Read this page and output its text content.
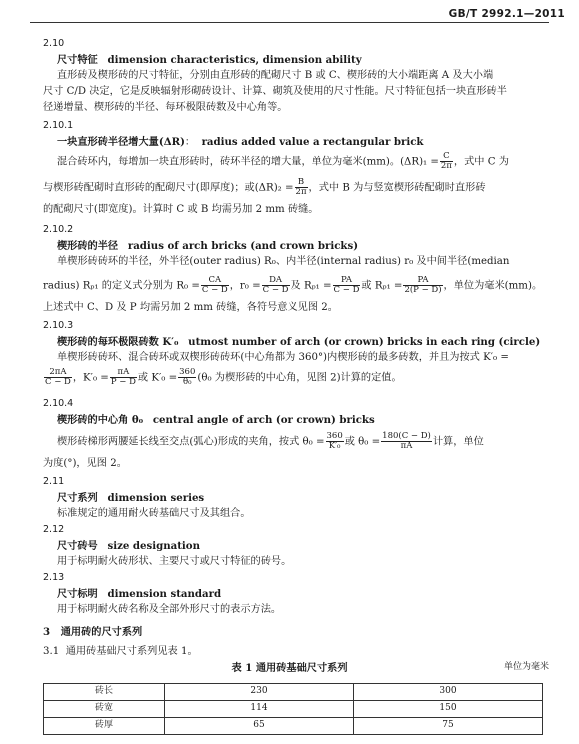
GB/T 2992.1—2011
2.10
尺寸特征 dimension characteristics, dimension ability
直形砖及楔形砖的尺寸特征，分别由直形砖的配砌尺寸 B 或 C、楔形砖的大小端距离 A 及大小端
尺寸 C/D 决定，它是反映辐射形砌砖设计、计算、砌筑及使用的尺寸性能。尺寸特征包括一块直形砖半
径递增量、楔形砖的半径、每环极限砖数及中心角等。
2.10.1
一块直形砖半径增大量(ΔR)：  radius added value a rectangular brick
混合砖环内，每增加一块直形砖时，砖环半径的增大量，单位为毫米(mm)。$(\Delta R)_1 = \frac{C}{2\pi}$ ，式中 C 为
与楔形砖配砌时直形砖的配砌尺寸(即厚度)；或$(\Delta R)_2 = \frac{B}{2\pi}$ ，式中 B 为与竖宽楔形砖配砌时直形砖
的配砌尺寸(即宽度)。计算时 C 或 B 均需另加 2 mm 砖缝。
2.10.2
楔形砖的半径 radius of arch bricks (and crown bricks)
单楔形砖砖环的半径，外半径(outer radius) R₀、内半径(internal radius) r₀ 及中间半径(median
radius) Rₚ₁ 的定义式分别为 $R_0 = \frac{CA}{C - D}$ ，$r_0 = \frac{DA}{C - D}$ 及 $R_{p1} = \frac{PA}{C - D}$ 或 $R_{p1} = \frac{PA}{2(P - D)}$ ，单位为毫米(mm)。
上述式中 C、D 及 P 均需另加 2 mm 砖缝，各符号意义见图 2。
2.10.3
楔形砖的每环极限砖数 K′₀ utmost number of arch (or crown) bricks in each ring (circle)
单楔形砖砖环、混合砖环或双楔形砖砖环(中心角都为 360°)内楔形砖的最多砖数，并且为按式 K′₀ =
$\frac{2\pi A}{C - D}$ ，$K'_0 = \frac{\pi A}{P - D}$ 或 $K'_0 = \frac{360}{\text{θ₀}} (\theta_0$ 为楔形砖的中心角，见图 2)计算的定值。
2.10.4
楔形砖的中心角 θ₀ central angle of arch (or crown) bricks
楔形砖梯形两腰延长线至交点(弧心)形成的夹角，按式 $\theta_0 = \frac{360}{\text{K′₀}}$ 或 $\theta_0 = \frac{180(C - D)}{\pi A}$ 计算，单位
为度(°)，见图 2。
2.11
尺寸系列 dimension series
标准规定的通用耐火砖基础尺寸及其组合。
2.12
尺寸砖号 size designation
用于标明耐火砖形状、主要尺寸或尺寸特征的砖号。
2.13
尺寸标明 dimension standard
用于标明耐火砖名称及全部外形尺寸的表示方法。
3 通用砖的尺寸系列
3.1 通用砖基础尺寸系列见表 1。
表 1 通用砖基础尺寸系列	单位为毫米
砖长	230	300
砖宽	114	150
砖厚	65	75
